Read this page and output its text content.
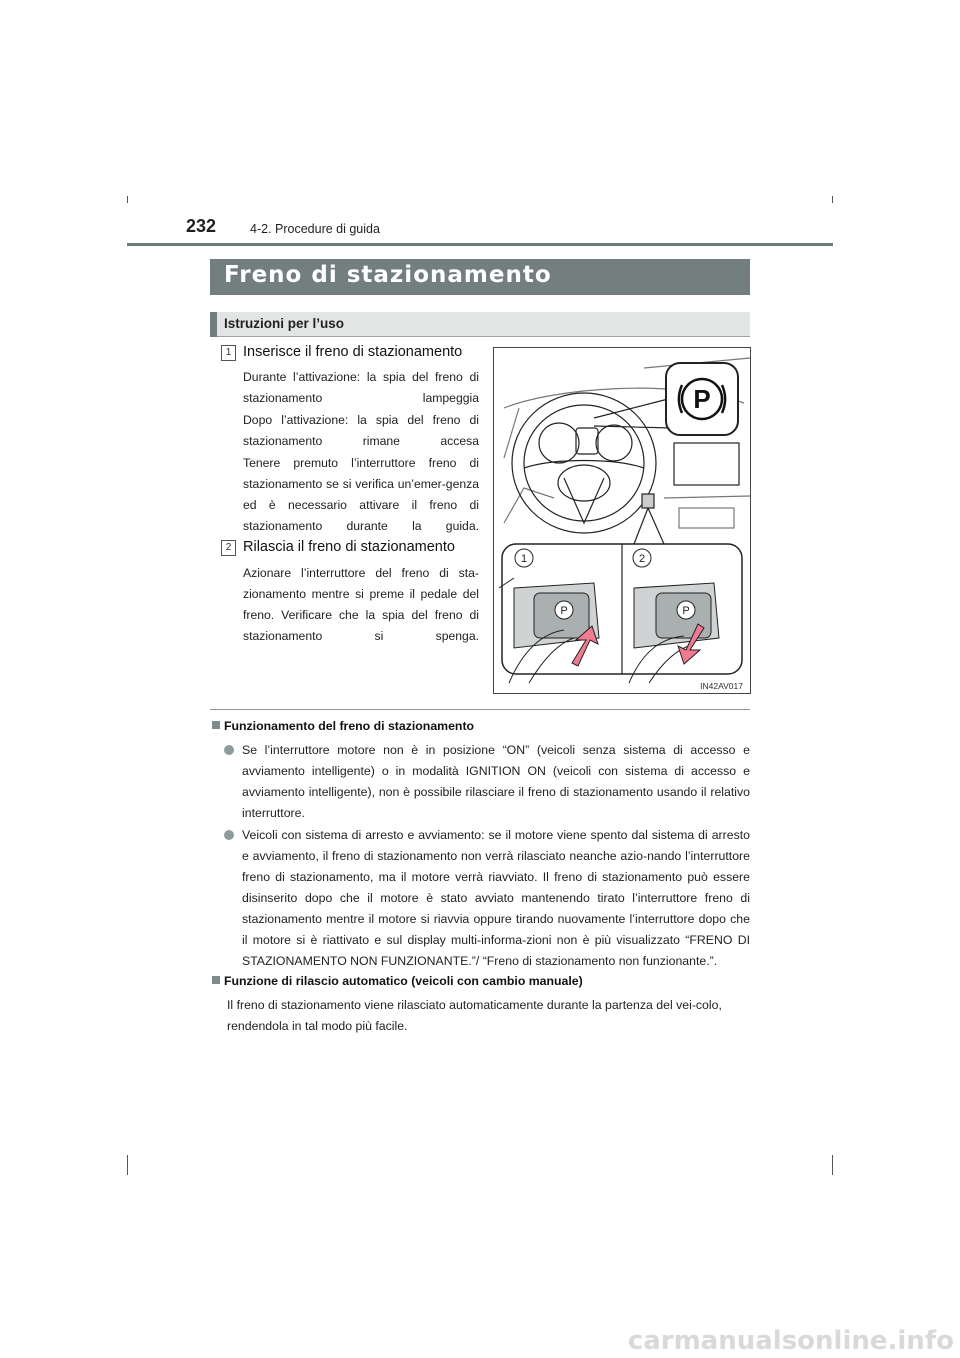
232	4-2. Procedure di guida
Freno di stazionamento
Istruzioni per l’uso
1 Inserisce il freno di stazionamento
Durante l’attivazione: la spia del freno di stazionamento lampeggia
Dopo l’attivazione: la spia del freno di stazionamento rimane accesa
Tenere premuto l’interruttore freno di stazionamento se si verifica un’emer-genza ed è necessario attivare il freno di stazionamento durante la guida.
2 Rilascia il freno di stazionamento
Azionare l’interruttore del freno di sta-zionamento mentre si preme il pedale del freno. Verificare che la spia del freno di stazionamento si spenga.
P
1
P
2
P
IN42AV017
Funzionamento del freno di stazionamento
Se l’interruttore motore non è in posizione “ON” (veicoli senza sistema di accesso e avviamento intelligente) o in modalità IGNITION ON (veicoli con sistema di accesso e avviamento intelligente), non è possibile rilasciare il freno di stazionamento usando il relativo interruttore.
Veicoli con sistema di arresto e avviamento: se il motore viene spento dal sistema di arresto e avviamento, il freno di stazionamento non verrà rilasciato neanche azio-nando l’interruttore freno di stazionamento, ma il motore verrà riavviato. Il freno di stazionamento può essere disinserito dopo che il motore è stato avviato mantenendo tirato l’interruttore freno di stazionamento mentre il motore si riavvia oppure tirando nuovamente l’interruttore dopo che il motore si è riattivato e sul display multi-informa-zioni non è più visualizzato “FRENO DI STAZIONAMENTO NON FUNZIONANTE.”/ “Freno di stazionamento non funzionante.”.
Funzione di rilascio automatico (veicoli con cambio manuale)
Il freno di stazionamento viene rilasciato automaticamente durante la partenza del vei-colo, rendendola in tal modo più facile.
carmanualsonline.info
